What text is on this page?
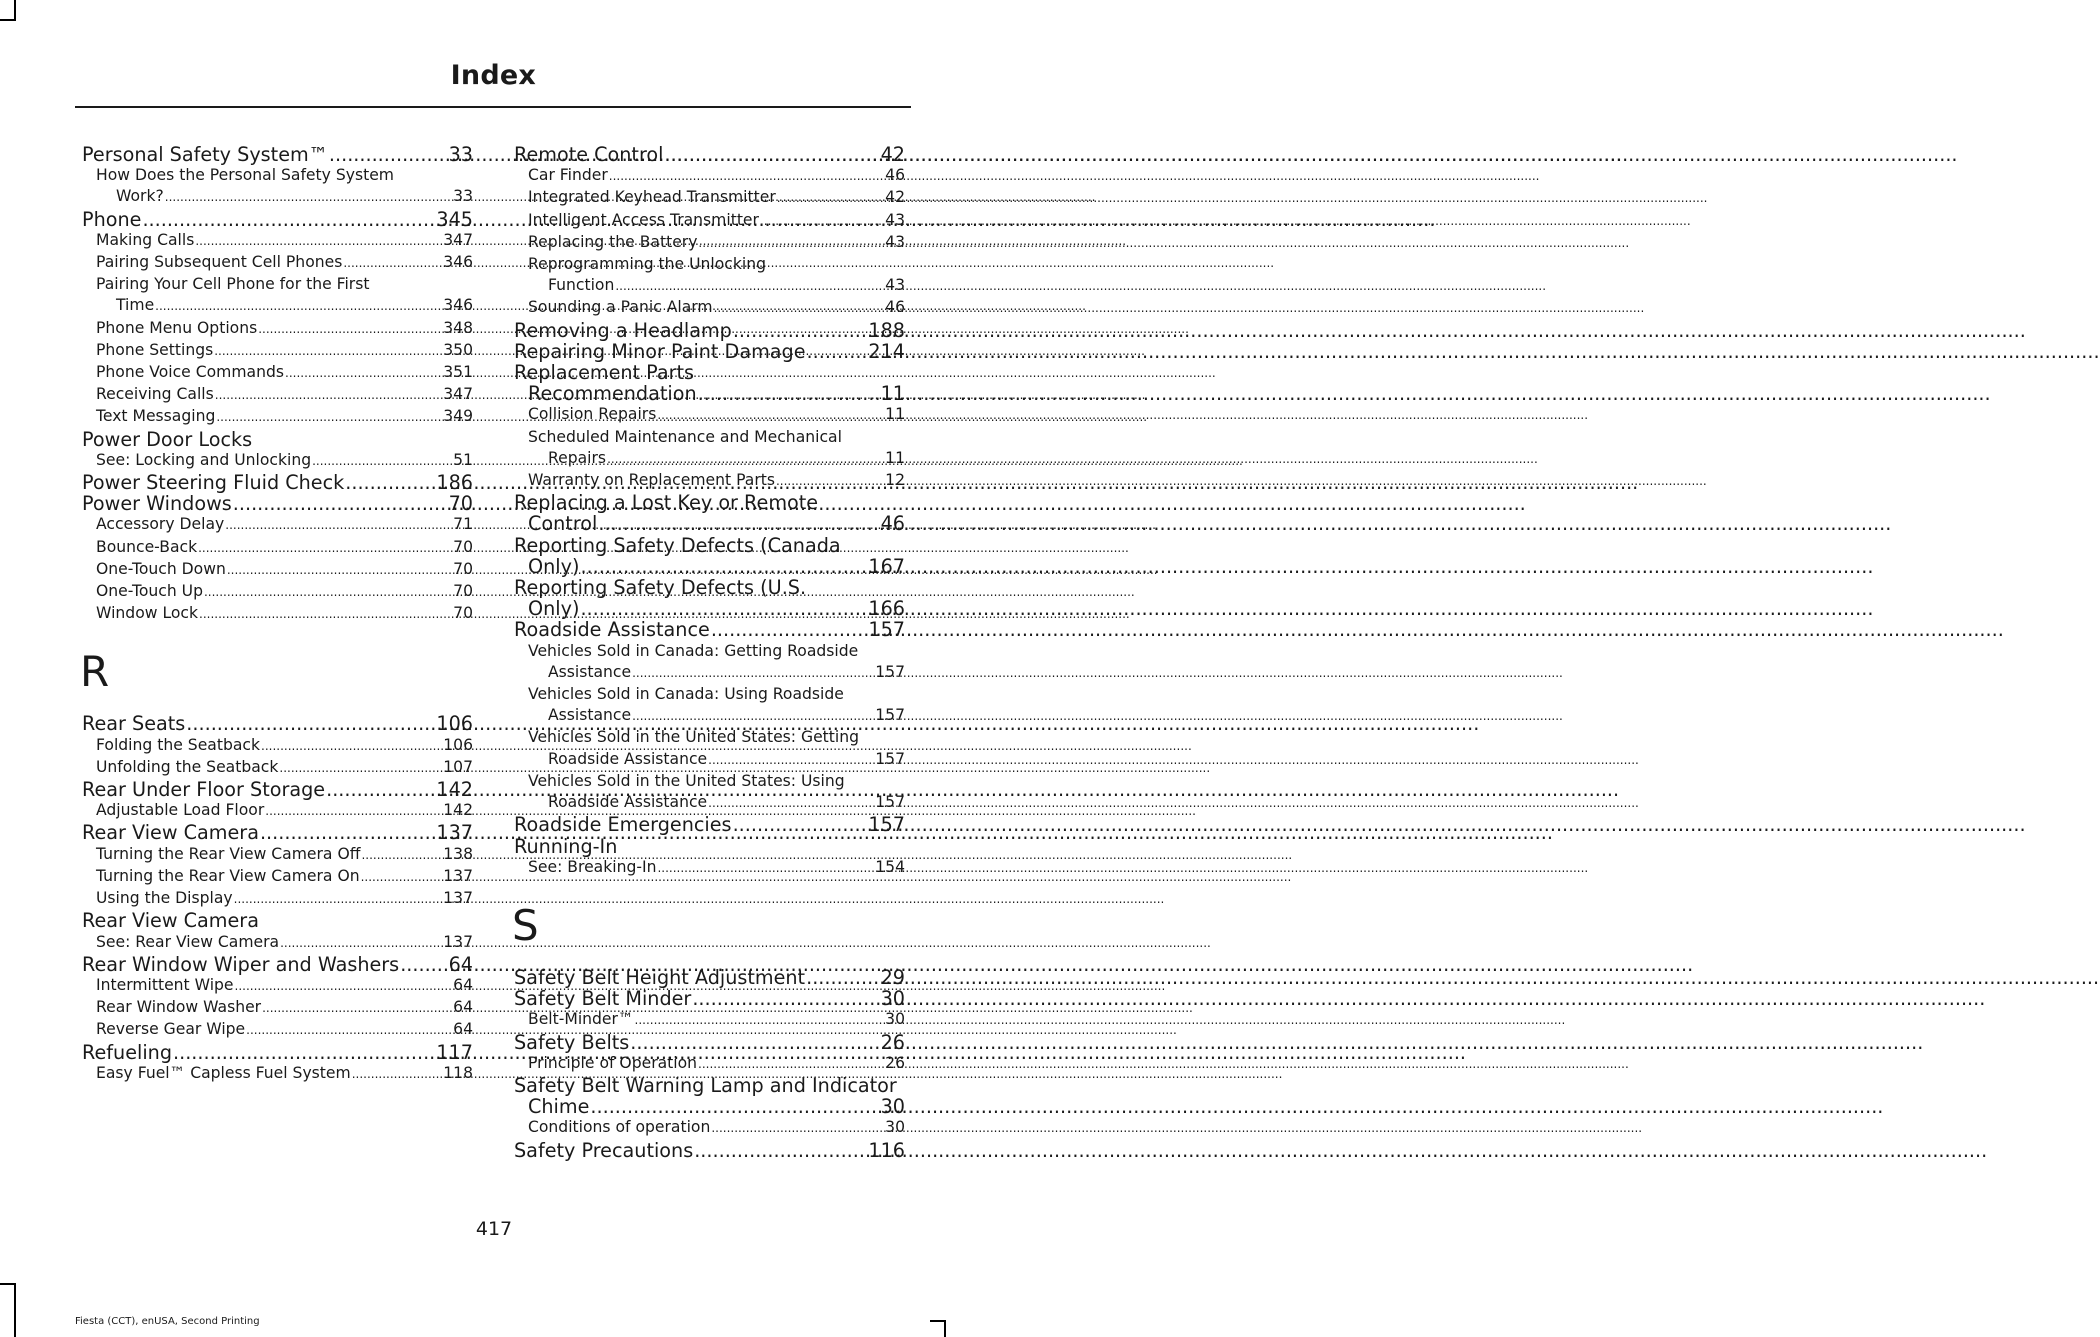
Index
Personal Safety System™ .....	33
How Does the Personal Safety System
Work? .....	33
Phone .....	345
Making Calls .....	347
Pairing Subsequent Cell Phones .....	346
Pairing Your Cell Phone for the First
Time .....	346
Phone Menu Options .....	348
Phone Settings .....	350
Phone Voice Commands .....	351
Receiving Calls .....	347
Text Messaging .....	349
Power Door Locks
See: Locking and Unlocking .....	51
Power Steering Fluid Check .....	186
Power Windows .....	70
Accessory Delay .....	71
Bounce-Back .....	70
One-Touch Down .....	70
One-Touch Up .....	70
Window Lock .....	70
R
Rear Seats .....	106
Folding the Seatback .....	106
Unfolding the Seatback .....	107
Rear Under Floor Storage .....	142
Adjustable Load Floor .....	142
Rear View Camera .....	137
Turning the Rear View Camera Off .....	138
Turning the Rear View Camera On .....	137
Using the Display .....	137
Rear View Camera
See: Rear View Camera .....	137
Rear Window Wiper and Washers .....	64
Intermittent Wipe .....	64
Rear Window Washer .....	64
Reverse Gear Wipe .....	64
Refueling .....	117
Easy Fuel™ Capless Fuel System .....	118
Remote Control .....	42
Car Finder .....	46
Integrated Keyhead Transmitter .....	42
Intelligent Access Transmitter .....	43
Replacing the Battery .....	43
Reprogramming the Unlocking
Function .....	43
Sounding a Panic Alarm .....	46
Removing a Headlamp .....	188
Repairing Minor Paint Damage .....	214
Replacement Parts
Recommendation .....	11
Collision Repairs .....	11
Scheduled Maintenance and Mechanical
Repairs .....	11
Warranty on Replacement Parts .....	12
Replacing a Lost Key or Remote
Control .....	46
Reporting Safety Defects (Canada
Only) .....	167
Reporting Safety Defects (U.S.
Only) .....	166
Roadside Assistance .....	157
Vehicles Sold in Canada: Getting Roadside
Assistance .....	157
Vehicles Sold in Canada: Using Roadside
Assistance .....	157
Vehicles Sold in the United States: Getting
Roadside Assistance .....	157
Vehicles Sold in the United States: Using
Roadside Assistance .....	157
Roadside Emergencies .....	157
Running-In
See: Breaking-In .....	154
S
Safety Belt Height Adjustment .....	29
Safety Belt Minder .....	30
Belt-Minder™ .....	30
Safety Belts .....	26
Principle of Operation .....	26
Safety Belt Warning Lamp and Indicator
Chime .....	30
Conditions of operation .....	30
Safety Precautions .....	116
417
Fiesta (CCT), enUSA, Second Printing
